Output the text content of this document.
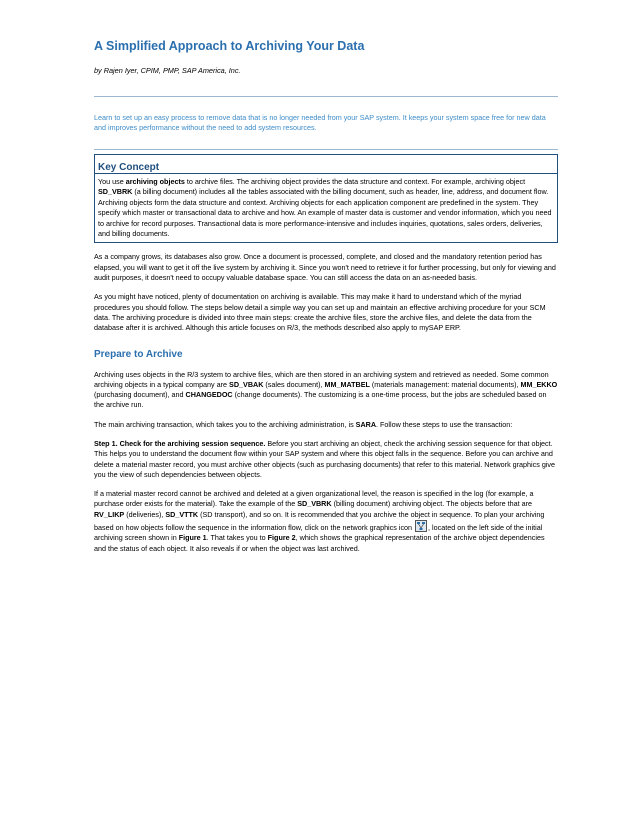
A Simplified Approach to Archiving Your Data
by Rajen Iyer, CPIM, PMP, SAP America, Inc.
Learn to set up an easy process to remove data that is no longer needed from your SAP system. It keeps your system space free for new data and improves performance without the need to add system resources.
Key Concept
You use archiving objects to archive files. The archiving object provides the data structure and context. For example, archiving object SD_VBRK (a billing document) includes all the tables associated with the billing document, such as header, line, address, and document flow. Archiving objects form the data structure and context. Archiving objects for each application component are predefined in the system. They specify which master or transactional data to archive and how. An example of master data is customer and vendor information, which you need to archive for record purposes. Transactional data is more performance-intensive and includes inquiries, quotations, sales orders, deliveries, and billing documents.
As a company grows, its databases also grow. Once a document is processed, complete, and closed and the mandatory retention period has elapsed, you will want to get it off the live system by archiving it. Since you won't need to retrieve it for further processing, but only for viewing and audit purposes, it doesn't need to occupy valuable database space. You can still access the data on an as-needed basis.
As you might have noticed, plenty of documentation on archiving is available. This may make it hard to understand which of the myriad procedures you should follow. The steps below detail a simple way you can set up and maintain an effective archiving procedure for your SCM data. The archiving procedure is divided into three main steps: create the archive files, store the archive files, and delete the data from the database after it is archived. Although this article focuses on R/3, the methods described also apply to mySAP ERP.
Prepare to Archive
Archiving uses objects in the R/3 system to archive files, which are then stored in an archiving system and retrieved as needed. Some common archiving objects in a typical company are SD_VBAK (sales document), MM_MATBEL (materials management: material documents), MM_EKKO (purchasing document), and CHANGEDOC (change documents). The customizing is a one-time process, but the jobs are scheduled based on the archive run.
The main archiving transaction, which takes you to the archiving administration, is SARA. Follow these steps to use the transaction:
Step 1. Check for the archiving session sequence. Before you start archiving an object, check the archiving session sequence for that object. This helps you to understand the document flow within your SAP system and where this object falls in the sequence. Before you can archive and delete a material master record, you must archive other objects (such as purchasing documents) that refer to this material. Network graphics give you the view of such dependencies between objects.
If a material master record cannot be archived and deleted at a given organizational level, the reason is specified in the log (for example, a purchase order exists for the material). Take the example of the SD_VBRK (billing document) archiving object. The objects before that are RV_LIKP (deliveries), SD_VTTK (SD transport), and so on. It is recommended that you archive the object in sequence. To plan your archiving based on how objects follow the sequence in the information flow, click on the network graphics icon , located on the left side of the initial archiving screen shown in Figure 1. That takes you to Figure 2, which shows the graphical representation of the archive object dependencies and the status of each object. It also reveals if or when the object was last archived.
